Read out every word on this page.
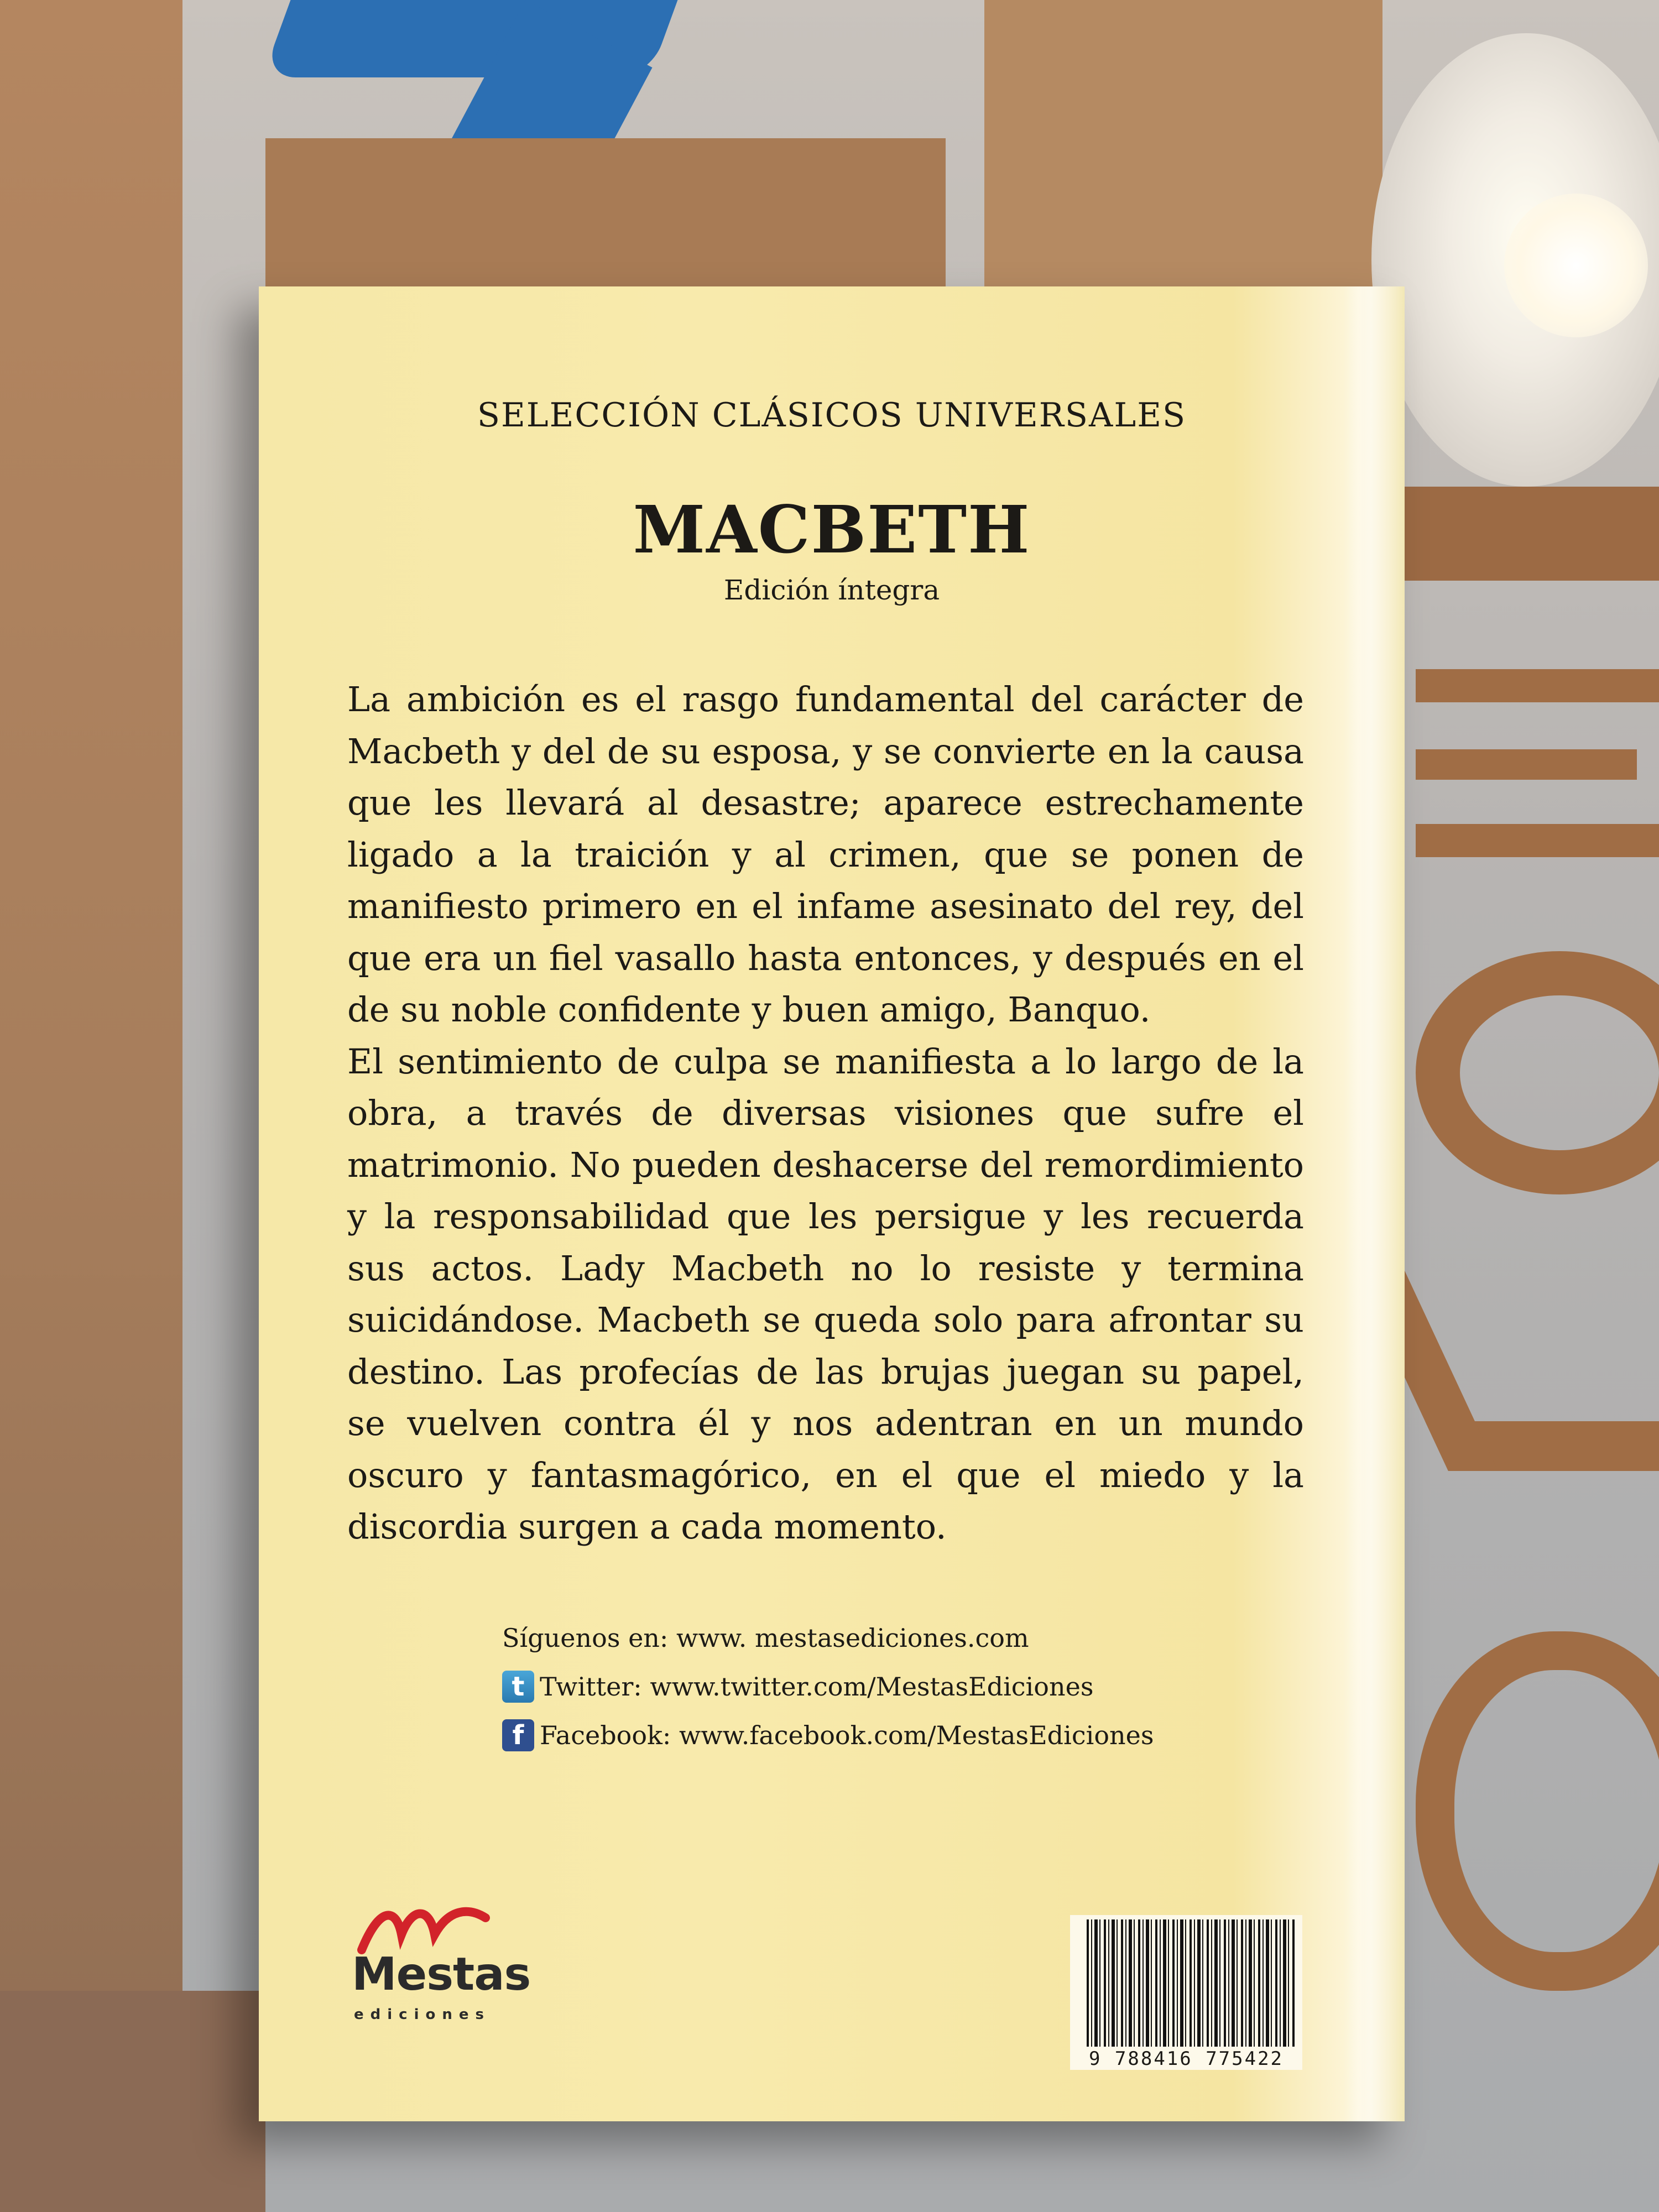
SELECCIÓN CLÁSICOS UNIVERSALES
MACBETH
Edición íntegra

La ambición es el rasgo fundamental del carácter de Macbeth y del de su esposa, y se convierte en la causa que les llevará al desastre; aparece estrechamente ligado a la traición y al crimen, que se ponen de manifiesto primero en el infame asesinato del rey, del que era un fiel vasallo hasta entonces, y después en el de su noble confidente y buen amigo, Banquo.

El sentimiento de culpa se manifiesta a lo largo de la obra, a través de diversas visiones que sufre el matrimonio. No pueden deshacerse del remordimiento y la responsabilidad que les persigue y les recuerda sus actos. Lady Macbeth no lo resiste y termina suicidándose. Macbeth se queda solo para afrontar su destino. Las profecías de las brujas juegan su papel, se vuelven contra él y nos adentran en un mundo oscuro y fantasmagórico, en el que el miedo y la discordia surgen a cada momento.

Síguenos en: www. mestasediciones.com
t Twitter: www.twitter.com/MestasEdiciones
f Facebook: www.facebook.com/MestasEdiciones
Mestas
ediciones
9 788416 775422
